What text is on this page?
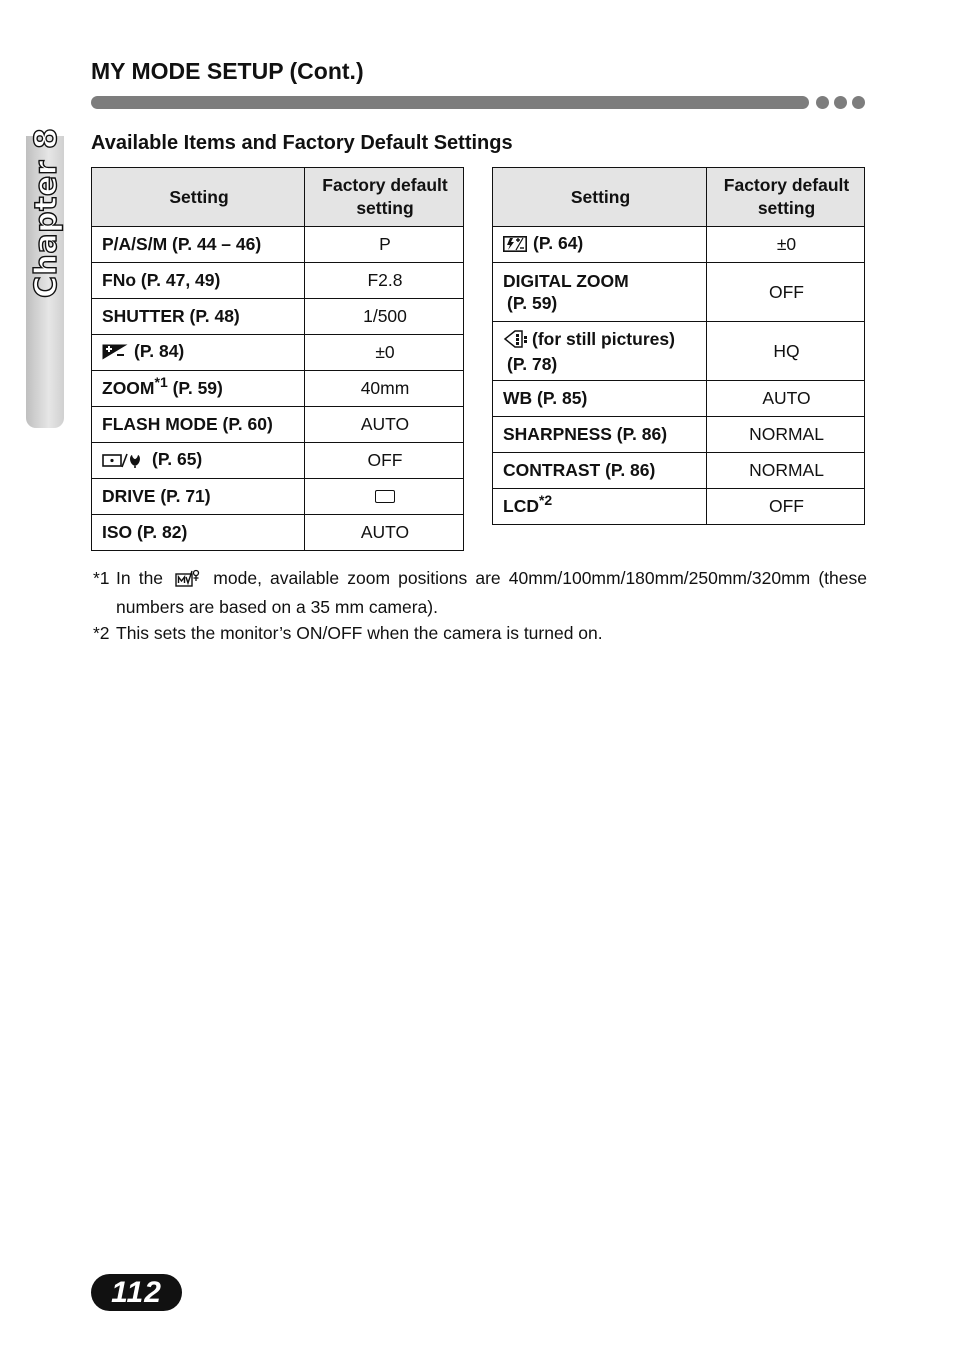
Chapter 8
MY MODE SETUP (Cont.)
Available Items and Factory Default Settings
Setting	Factory default setting
P/A/S/M (P. 44 – 46)	P
FNo (P. 47, 49)	F2.8
SHUTTER (P. 48)	1/500
(P. 84)	±0
ZOOM$^{*1}$ (P. 59)	40mm
FLASH MODE (P. 60)	AUTO
(P. 65)	OFF
DRIVE (P. 71)	
ISO (P. 82)	AUTO
Setting	Factory default setting
(P. 64)	±0

DIGITAL ZOOM
(P. 59)	OFF

(for still pictures)
(P. 78)	HQ
WB (P. 85)	AUTO
SHARPNESS (P. 86)	NORMAL
CONTRAST (P. 86)	NORMAL
LCD$^{*2}$	OFF
*1 In the	mode, available zoom positions are 40mm/100mm/180mm/250mm/320mm (these numbers are based on a 35 mm camera).
*2 This sets the monitor’s ON/OFF when the camera is turned on.
112
